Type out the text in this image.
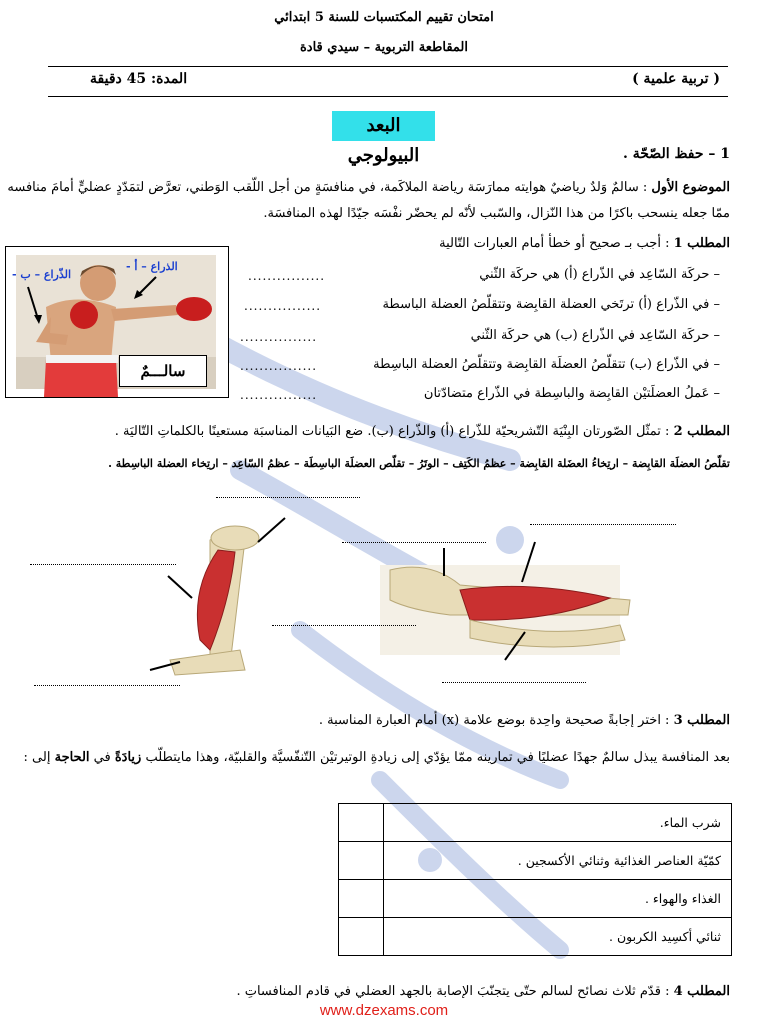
امتحان تقييم المكتسبات للسنة 5 ابتدائي
المقاطعة التربوية – سيدي قادة
( تربية علمية )
المدة: 45 دقيقة
البعد البيولوجي	1 – حفظ الصّحّة .
الموضوع الأول : سالمٌ وَلدٌ رياضيٌ هوايته ممارَسَة رياضة الملاكَمة، في منافسَةٍ من أجل اللّقب الوَطني، تعرَّض لتمَدّدٍ عضليٍّ أمامَ منافسه
ممّا جعله ينسحب باكرًا من هذا النّزال، والسّبب لأنّه لم يحضّر نفْسَه جيّدًا لهذه المنافسَة.
المطلب 1 : أجب بـ صحيح أو خطأ أمام العبارات التّالية
– حركَة السّاعِد في الذّراع (أ) هي حركَة الثّني
................
– في الذّراع (أ) ترتَخي العضلة القابِضة وتتقلّصُ العضلة الباسطة
................
– حركَة السّاعِد في الذّراع (ب) هي حركَة الثّني
................
– في الذّراع (ب) تتقلّصُ العضلَة القابِضة وتتقلّصُ العضلة الباسِطة
................
– عَملُ العضلَتيْن القابِضة والباسِطة في الذّراع متضادّتان
................
الذراع – أ -
الذّراع – ب -
سالـــمٌ
المطلب 2 : تمثّل الصّورتان البِنْيَة التّشريحيّة للذّراع (أ) والذّراع (ب). ضع البَيانات المناسبَة مستعينًا بالكلماتِ التّاليَة .
تقلّصُ العضلَة القابِضة – ارتِخاءُ العضَلة القابِضة – عظمُ الكَتِف – الوتَرُ – تقلّص العضلَة الباسِطَة – عظمُ السّاعِد – ارتِخاء العضلة الباسِطة .
المطلب 3 : اختر إجابةً صحيحة واحِدة بوضع علامة (x) أمام العبارة المناسبة .
بعد المنافسة يبذل سالمٌ جهدًا عضليًا في تمارينه ممّا يؤدّي إلى زيادةِ الوتيرتيْن التّنفّسيَّة والقلبيّة، وهذا مايتطلّب زيادَةً في الحاجة إلى :
شرب الماء.	
كمّيّة العناصر الغذائية وثنائي الأكسجين .	
الغذاء والهواء .	
ثنائي أكسِيد الكربون .	
المطلب 4 : قدّم ثلاث نصائح لسالم حتّى يتجنّبَ الإصابة بالجهد العضلي في قادم المنافساتِ .
www.dzexams.com
